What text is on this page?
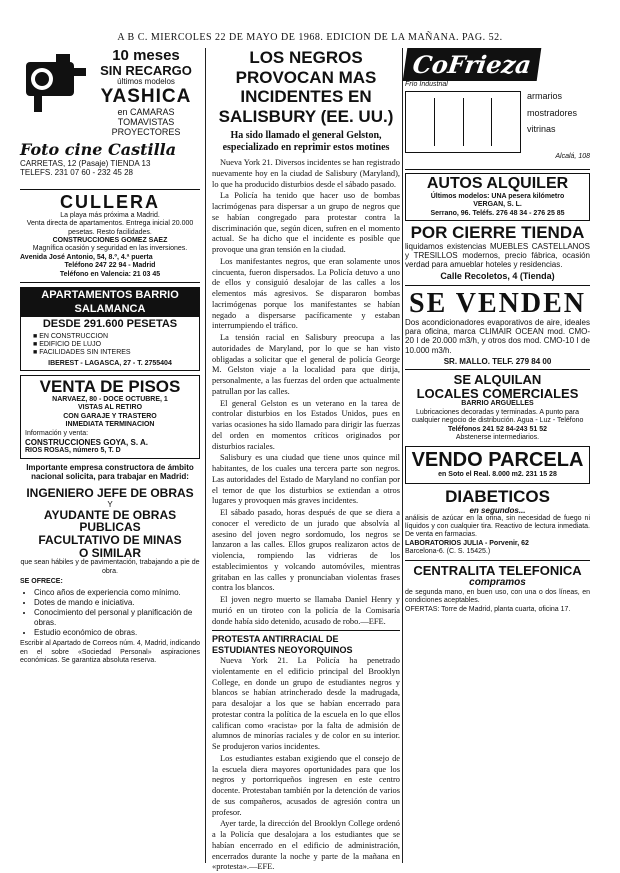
A B C. MIERCOLES 22 DE MAYO DE 1968. EDICION DE LA MAÑANA. PAG. 52.
10 meses
SIN RECARGO
últimos modelos
YASHICA
en CAMARAS
TOMAVISTAS
PROYECTORES
Foto cine Castilla
CARRETAS, 12 (Pasaje) TIENDA 13
TELEFS. 231 07 60 - 232 45 28
CULLERA
La playa más próxima a Madrid.
Venta directa de apartamentos. Entrega inicial 20.000 pesetas. Resto facilidades.
CONSTRUCCIONES GOMEZ SAEZ
Magnífica ocasión y seguridad en las inversiones.
Avenida José Antonio, 54, 8.º, 4.ª puerta
Teléfono 247 22 94 - Madrid
Teléfono en Valencia: 21 03 45
APARTAMENTOS BARRIO
SALAMANCA
DESDE 291.600 PESETAS
■ EN CONSTRUCCION
■ EDIFICIO DE LUJO
■ FACILIDADES SIN INTERES
IBEREST - LAGASCA, 27 - T. 2755404
VENTA DE PISOS
NARVAEZ, 80 - DOCE OCTUBRE, 1
VISTAS AL RETIRO
CON GARAJE Y TRASTERO
INMEDIATA TERMINACION
Información y venta:
CONSTRUCCIONES GOYA, S. A.
RIOS ROSAS, número 5, T. D
Importante empresa constructora de ámbito nacional solicita, para trabajar en Madrid:
INGENIERO JEFE DE OBRAS
Y
AYUDANTE DE OBRAS PUBLICAS
FACULTATIVO DE MINAS
O SIMILAR
que sean hábiles y de pavimentación, trabajando a pie de obra.
SE OFRECE:
• Cinco años de experiencia como mínimo.
• Dotes de mando e iniciativa.
• Conocimiento del personal y planificación de obras.
• Estudio económico de obras.
Escribir al Apartado de Correos núm. 4, Madrid, indicando en el sobre «Sociedad Personal» aspiraciones económicas. Se garantiza absoluta reserva.
LOS NEGROS PROVOCAN MAS INCIDENTES EN SALISBURY (EE. UU.)
Ha sido llamado el general Gelston, especializado en reprimir estos motines

Nueva York 21. Diversos incidentes se han registrado nuevamente hoy en la ciudad de Salisbury (Maryland), lo que ha producido disturbios desde el sábado pasado.

La Policía ha tenido que hacer uso de bombas lacrimógenas para dispersar a un grupo de negros que se habían congregado para protestar contra la discriminación que, según dicen, sufren en el momento actual. Se ha dicho que el incidente es posible que provoque una gran tensión en la ciudad.

Los manifestantes negros, que eran solamente unos cincuenta, fueron dispersados. La Policía detuvo a uno de ellos y consiguió desalojar de las calles a los elementos más agresivos. Se dispararon bombas lacrimógenas porque los manifestantes se habían negado a dispersarse pacíficamente y estaban interrumpiendo el tráfico.

La tensión racial en Salisbury preocupa a las autoridades de Maryland, por lo que se han visto obligadas a solicitar que el general de policía George M. Gelston viaje a la localidad para que dirija, personalmente, a las fuerzas del orden que actualmente patrullan por las calles.

El general Gelston es un veterano en la tarea de controlar disturbios en los Estados Unidos, pues en varias ocasiones ha sido llamado para dirigir las fuerzas del orden en momentos críticos originados por disturbios raciales.

Salisbury es una ciudad que tiene unos quince mil habitantes, de los cuales una tercera parte son negros. Las autoridades del Estado de Maryland no confían por el temor de que los disturbios se extiendan a otros lugares y provoquen más graves incidentes.

El sábado pasado, horas después de que se diera a conocer el veredicto de un jurado que absolvía al asesino del joven negro sordomudo, los negros se lanzaron a las calles. Ellos grupos realizaron actos de violencia, rompiendo las vidrieras de los establecimientos y volcando automóviles, mientras gritaban en las calles y pronunciaban violentas frases contra los blancos.

El joven negro muerto se llamaba Daniel Henry y murió en un tiroteo con la policía de la Comisaría donde había sido detenido, acusado de robo.—EFE.

PROTESTA ANTIRRACIAL DE ESTUDIANTES NEOYORQUINOS

Nueva York 21. La Policía ha penetrado violentamente en el edificio principal del Brooklyn College, en donde un grupo de estudiantes negros y blancos se habían atrincherado desde la madrugada, para desalojar a los que se habían encerrado para protestar contra la política de la escuela en lo que ellos califican como «racista» por la falta de admisión de alumnos de minorías raciales y de color en su interior. Se produjeron varios incidentes.

Los estudiantes estaban exigiendo que el consejo de la escuela diera mayores oportunidades para que los negros y portorriqueños ingresen en este centro docente. Protestaban también por la detención de varios de sus compañeros, acusados de agresión contra un profesor.

Ayer tarde, la dirección del Brooklyn College ordenó a la Policía que desalojara a los estudiantes que se habían encerrado en el edificio de administración, encerrados durante la noche y parte de la mañana en «protesta».—EFE.

CoFrieza
Frío Industrial
armarios
mostradores
vitrinas
Alcalá, 108
AUTOS ALQUILER
Últimos modelos: UNA pesera kilómetro
VERGAN, S. L.
Serrano, 96. Teléfs. 276 48 34 - 276 25 85
POR CIERRE TIENDA
liquidamos existencias MUEBLES CASTELLANOS y TRESILLOS modernos, precio fábrica, ocasión verdad para amueblar hoteles y residencias.
Calle Recoletos, 4 (Tienda)
SE VENDEN
Dos acondicionadores evaporativos de aire, ideales para oficina, marca CLIMAIR OCEAN mod. CMO-20 I de 20.000 m3/h, y otros dos mod. CMO-10 I de 10.000 m3/h.
SR. MALLO. TELF. 279 84 00
SE ALQUILAN
LOCALES COMERCIALES
BARRIO ARGÜELLES
Lubricaciones decoradas y terminadas. A punto para cualquier negocio de distribución. Agua - Luz - Teléfono
Teléfonos 241 52 84-243 51 52
Abstenerse intermediarios.
VENDO PARCELA
en Soto el Real. 8.000 m2. 231 15 28
DIABETICOS
en segundos...
análisis de azúcar en la orina, sin necesidad de fuego ni líquidos y con cualquier tira. Reactivo de lectura inmediata. De venta en farmacias.
LABORATORIOS JULIA - Porvenir, 62
Barcelona-6. (C. S. 15425.)
CENTRALITA TELEFONICA
compramos
de segunda mano, en buen uso, con una o dos líneas, en condiciones aceptables.
OFERTAS: Torre de Madrid, planta cuarta, oficina 17.
